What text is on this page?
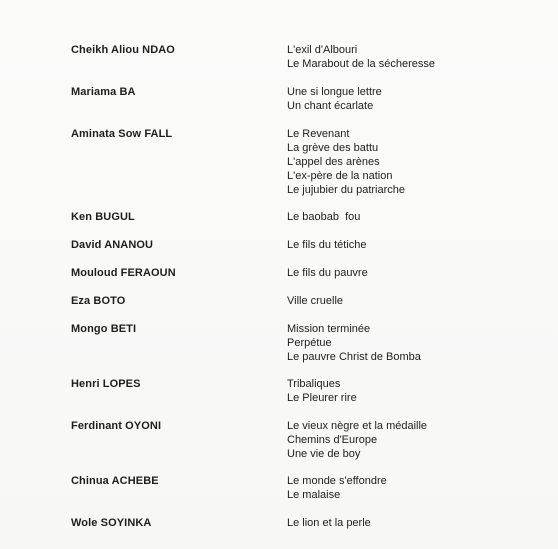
Cheikh Aliou NDAO	L'exil d'Albouri
Le Marabout de la sécheresse
Mariama BA	Une si longue lettre
Un chant écarlate
Aminata Sow FALL	Le Revenant
La grève des battu
L'appel des arènes
L'ex-père de la nation
Le jujubier du patriarche
Ken BUGUL	Le baobab  fou
David ANANOU	Le fils du tétiche
Mouloud FERAOUN	Le fils du pauvre
Eza BOTO	Ville cruelle
Mongo BETI	Mission terminée
Perpétue
Le pauvre Christ de Bomba
Henri LOPES	Tribaliques
Le Pleurer rire
Ferdinant OYONI	Le vieux nègre et la médaille
Chemins d'Europe
Une vie de boy
Chinua ACHEBE	Le monde s'effondre
Le malaise
Wole SOYINKA	Le lion et la perle
